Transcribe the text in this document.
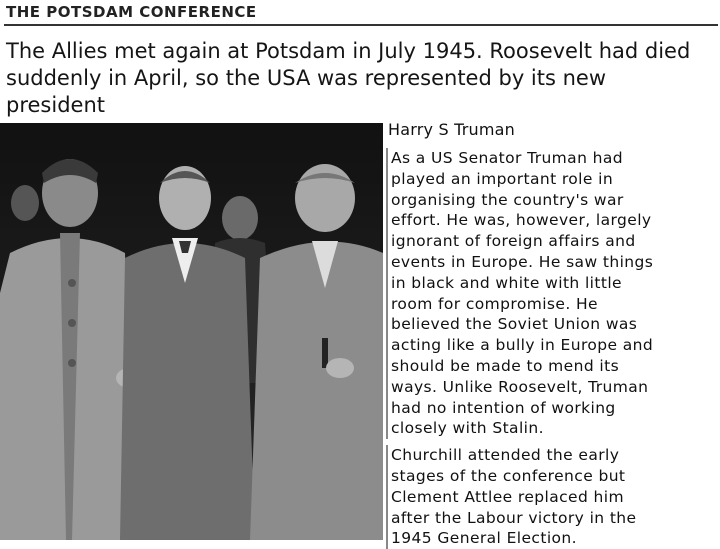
THE POTSDAM CONFERENCE
The Allies met again at Potsdam in July 1945. Roosevelt had died
suddenly in April, so the USA was represented by its new president

Harry S Truman
As a US Senator Truman had
played an important role in
organising the country's war
effort. He was, however, largely
ignorant of foreign affairs and
events in Europe. He saw things
in black and white with little
room for compromise. He
believed the Soviet Union was
acting like a bully in Europe and
should be made to mend its
ways. Unlike Roosevelt, Truman
had no intention of working
closely with Stalin.
Churchill attended the early
stages of the conference but
Clement Attlee replaced him
after the Labour victory in the
1945 General Election.
